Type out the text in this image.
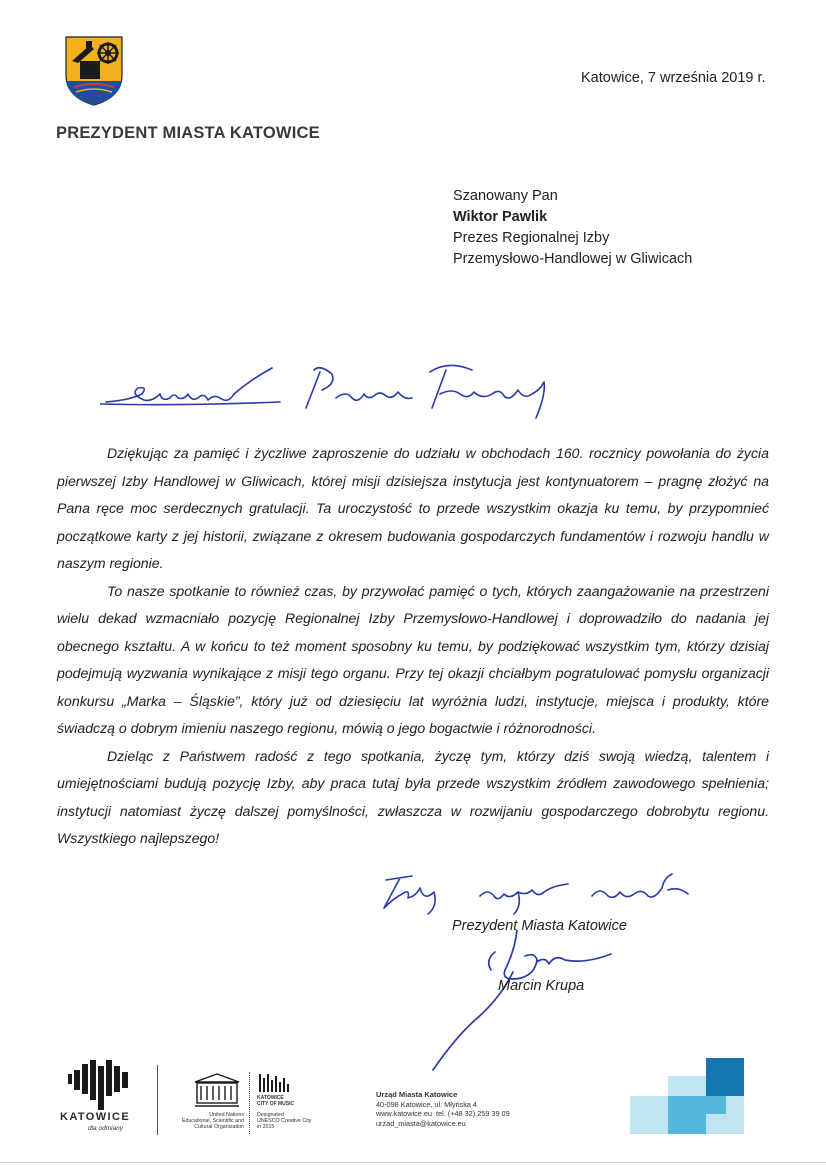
PREZYDENT MIASTA KATOWICE
Katowice, 7 września 2019 r.
Szanowany Pan
Wiktor Pawlik
Prezes Regionalnej Izby
Przemysłowo-Handlowej w Gliwicach

Dziękując za pamięć i życzliwe zaproszenie do udziału w obchodach 160. rocznicy powołania do życia pierwszej Izby Handlowej w Gliwicach, której misji dzisiejsza instytucja jest kontynuatorem – pragnę złożyć na Pana ręce moc serdecznych gratulacji. Ta uroczystość to przede wszystkim okazja ku temu, by przypomnieć początkowe karty z jej historii, związane z okresem budowania gospodarczych fundamentów i rozwoju handlu w naszym regionie.

To nasze spotkanie to również czas, by przywołać pamięć o tych, których zaangażowanie na przestrzeni wielu dekad wzmacniało pozycję Regionalnej Izby Przemysłowo-Handlowej i doprowadziło do nadania jej obecnego kształtu. A w końcu to też moment sposobny ku temu, by podziękować wszystkim tym, którzy dzisiaj podejmują wyzwania wynikające z misji tego organu. Przy tej okazji chciałbym pogratulować pomysłu organizacji konkursu „Marka – Śląskie”, który już od dziesięciu lat wyróżnia ludzi, instytucje, miejsca i produkty, które świadczą o dobrym imieniu naszego regionu, mówią o jego bogactwie i różnorodności.

Dzieląc z Państwem radość z tego spotkania, życzę tym, którzy dziś swoją wiedzą, talentem i umiejętnościami budują pozycję Izby, aby praca tutaj była przede wszystkim źródłem zawodowego spełnienia; instytucji natomiast życzę dalszej pomyślności, zwłaszcza w rozwijaniu gospodarczego dobrobytu regionu. Wszystkiego najlepszego!

Prezydent Miasta Katowice
Marcin Krupa
KATOWICE
dla odmiany
United Nations
Educational, Scientific and
Cultural Organization
KATOWICE
CITY OF MUSIC
Designated
UNESCO Creative City
in 2015
Urząd Miasta Katowice
40-098 Katowice, ul. Młyńska 4
www.katowice.eu tel. (+48 32) 259 39 09
urzad_miasta@katowice.eu
